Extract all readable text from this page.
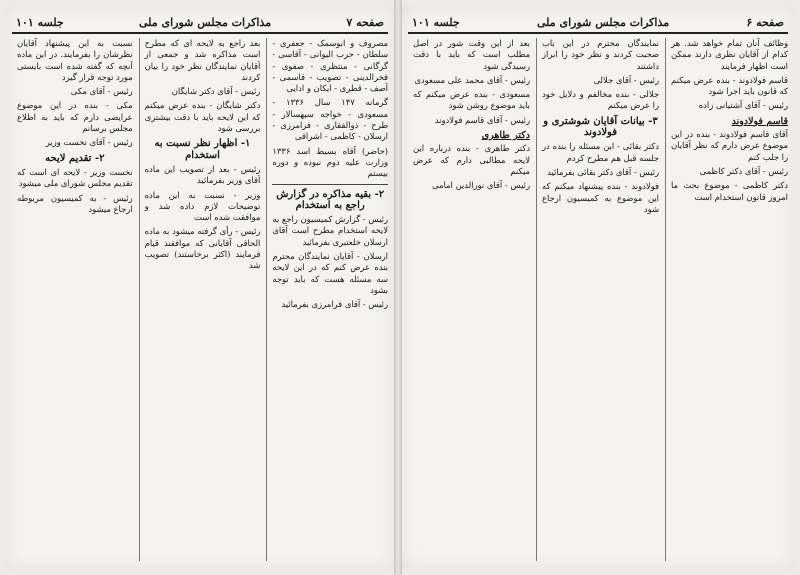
صفحه ۷
مذاکرات مجلس شورای ملی
جلسه ۱۰۱

مصروف و ابوسمک - جعفری - سلطان - حرب الیوانی - آقاسی - گرگانی - منتظری - صفوی - فخرالدینی - تصویب - قاسمی - آصف - قطری - ایکان و ادایی

گرمانه ۱۴۷ سال ۱۳۳۶ - مسعودی - خواجه سپهسالار - طرح - ذوالفقاری - فرامرزی - ارسلان - کاظمی - اشراقی

(حاضر) آقاه بسیط اسد ۱۳۳۶ وزارت علیه دوم نبوده و دوره بیستم

۲- بقیه مذاکره در گزارش راجع به استخدام

رئیس - گزارش کمیسیون راجع به لایحه استخدام مطرح است آقای ارسلان خلعتبری بفرمائید

ارسلان - آقایان نمایندگان محترم بنده عرض کنم که در این لایحه سه مسئله هست که باید توجه بشود

رئیس - آقای فرامرزی بفرمائید

بعد راجع به لایحه ای که مطرح است مذاکره شد و جمعی از آقایان نمایندگان نظر خود را بیان کردند

رئیس - آقای دکتر شایگان

دکتر شایگان - بنده عرض میکنم که این لایحه باید با دقت بیشتری بررسی شود

۱- اظهار نظر نسبت به استخدام

رئیس - بعد از تصویب این ماده آقای وزیر بفرمائید

وزیر - نسبت به این ماده توضیحات لازم داده شد و موافقت شده است

رئیس - رأی گرفته میشود به ماده الحاقی آقایانی که موافقند قیام فرمایند (اکثر برخاستند) تصویب شد

نسبت به این پیشنهاد آقایان نظرشان را بفرمایند. در این ماده آنچه که گفته شده است بایستی مورد توجه قرار گیرد

رئیس - آقای مکی

مکی - بنده در این موضوع عرایضی دارم که باید به اطلاع مجلس برسانم

رئیس - آقای نخست وزیر

۲- تقدیم لایحه

نخست وزیر - لایحه ای است که تقدیم مجلس شورای ملی میشود

رئیس - به کمیسیون مربوطه ارجاع میشود

صفحه ۶
مذاکرات مجلس شورای ملی
جلسه ۱۰۱

وظائف آنان تمام خواهد شد. هر کدام از آقایان نظری دارند ممکن است اظهار فرمایند

قاسم فولادوند - بنده عرض میکنم که قانون باید اجرا شود

رئیس - آقای آشتیانی زاده

قاسم فولادوند

آقای قاسم فولادوند - بنده در این موضوع عرض دارم که نظر آقایان را جلب کنم

رئیس - آقای دکتر کاظمی

دکتر کاظمی - موضوع بحث ما امروز قانون استخدام است

نمایندگان محترم در این باب صحبت کردند و نظر خود را ابراز داشتند

رئیس - آقای جلالی

جلالی - بنده مخالفم و دلایل خود را عرض میکنم

۳- بیانات آقایان شوشتری و فولادوند

دکتر بقائی - این مسئله را بنده در جلسه قبل هم مطرح کردم

رئیس - آقای دکتر بقائی بفرمائید

فولادوند - بنده پیشنهاد میکنم که این موضوع به کمیسیون ارجاع شود

بعد از این وقت شور در اصل مطلب است که باید با دقت رسیدگی شود

رئیس - آقای محمد علی مسعودی

مسعودی - بنده عرض میکنم که باید موضوع روشن شود

رئیس - آقای قاسم فولادوند

دکتر طاهری

دکتر طاهری - بنده درباره این لایحه مطالبی دارم که عرض میکنم

رئیس - آقای نورالدین امامی
